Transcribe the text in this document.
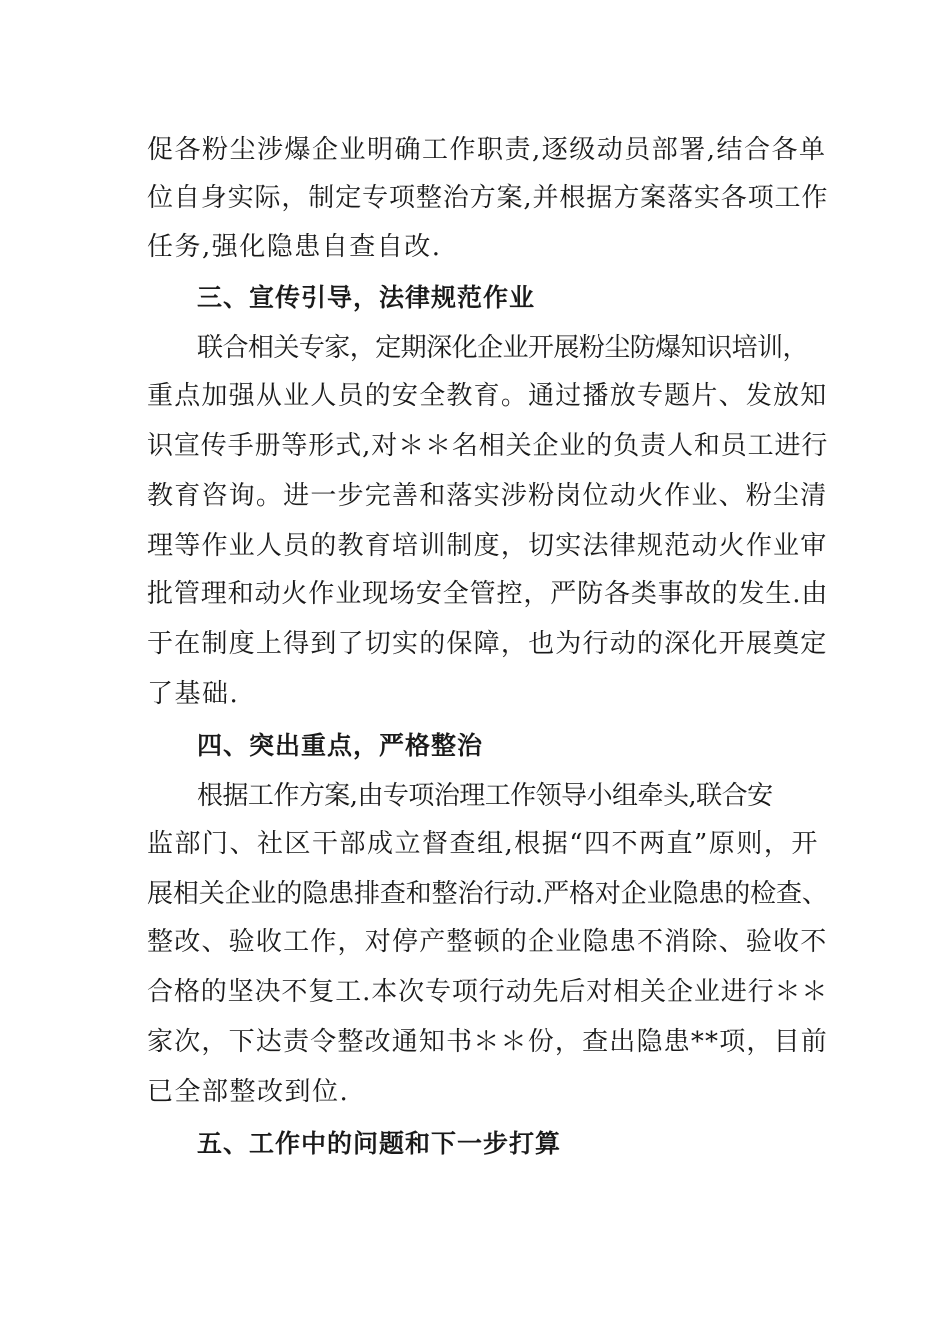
促各粉尘涉爆企业明确工作职责,逐级动员部署,结合各单
位自身实际，制定专项整治方案,并根据方案落实各项工作
任务,强化隐患自查自改.
三、宣传引导，法律规范作业
联合相关专家，定期深化企业开展粉尘防爆知识培训，
重点加强从业人员的安全教育。通过播放专题片、发放知
识宣传手册等形式,对＊＊名相关企业的负责人和员工进行
教育咨询。进一步完善和落实涉粉岗位动火作业、粉尘清
理等作业人员的教育培训制度，切实法律规范动火作业审
批管理和动火作业现场安全管控，严防各类事故的发生.由
于在制度上得到了切实的保障，也为行动的深化开展奠定
了基础.
四、突出重点，严格整治
根据工作方案,由专项治理工作领导小组牵头,联合安
监部门、社区干部成立督查组,根据“四不两直”原则，开
展相关企业的隐患排查和整治行动.严格对企业隐患的检查、
整改、验收工作，对停产整顿的企业隐患不消除、验收不
合格的坚决不复工.本次专项行动先后对相关企业进行＊＊
家次，下达责令整改通知书＊＊份，查出隐患**项，目前
已全部整改到位.
五、工作中的问题和下一步打算
